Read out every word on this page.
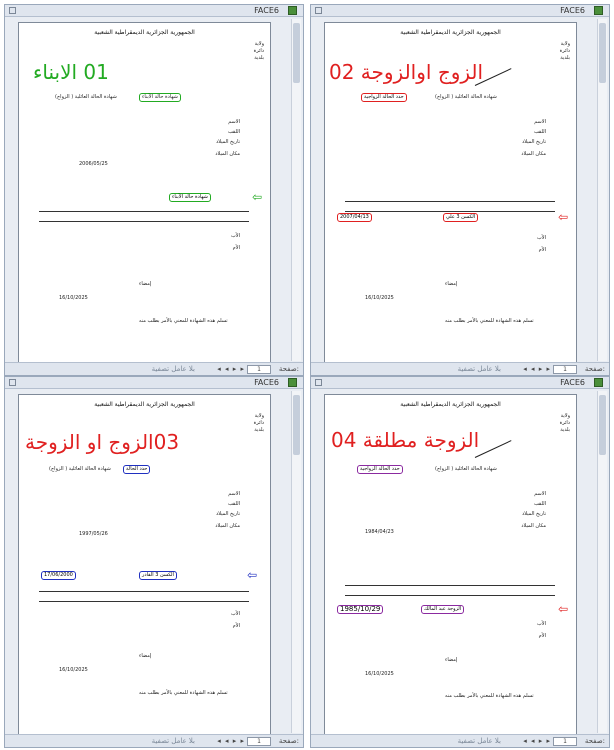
FACE6
الجمهورية الجزائرية الديمقراطية الشعبية
ولاية
دائرة
بلدية
01 الابناء
شهادة حالة الأبناء
شهادة الحالة العائلية ( الزواج)
الاسم
اللقب
تاريخ الميلاد
2006/05/25
مكان الميلاد
شهادة حالة الأبناء	⇦
الأب
الأم
إمضاء
16/10/2025
تسلم هذه الشهادة للمعني بالأمر بطلب منه
بلا عامل تصفية	◂ ◂ ▸ ▸	1	صفحة:
FACE6
الجمهورية الجزائرية الديمقراطية الشعبية
ولاية
دائرة
بلدية
الزوج اوالزوجة 02
حدد الحالة الزواجية	شهادة الحالة العائلية ( الزواج)
الاسم
اللقب
تاريخ الميلاد
مكان الميلاد
2007/04/13	الكسن 3 علي	⇦
الأب
الأم
إمضاء
16/10/2025
تسلم هذه الشهادة للمعني بالأمر بطلب منه
بلا عامل تصفية	◂ ◂ ▸ ▸	1	صفحة:
FACE6
الجمهورية الجزائرية الديمقراطية الشعبية
ولاية
دائرة
بلدية
03الزوج او الزوجة
حدد الحالة
شهادة الحالة العائلية ( الزواج)
الاسم
اللقب
تاريخ الميلاد
1997/05/26
مكان الميلاد
17/06/2000	الكسن 3 القادر	⇦
الأب
الأم
إمضاء
16/10/2025
تسلم هذه الشهادة للمعني بالأمر بطلب منه
بلا عامل تصفية	◂ ◂ ▸ ▸	1	صفحة:
FACE6
الجمهورية الجزائرية الديمقراطية الشعبية
ولاية
دائرة
بلدية
الزوجة مطلقة 04
حدد الحالة الزواجية	شهادة الحالة العائلية ( الزواج)
الاسم
اللقب
تاريخ الميلاد
1984/04/23
مكان الميلاد
1985/10/29	الزوجة عبد المالك	⇦
الأب
الأم
إمضاء
16/10/2025
تسلم هذه الشهادة للمعني بالأمر بطلب منه
بلا عامل تصفية	◂ ◂ ▸ ▸	1	صفحة:
